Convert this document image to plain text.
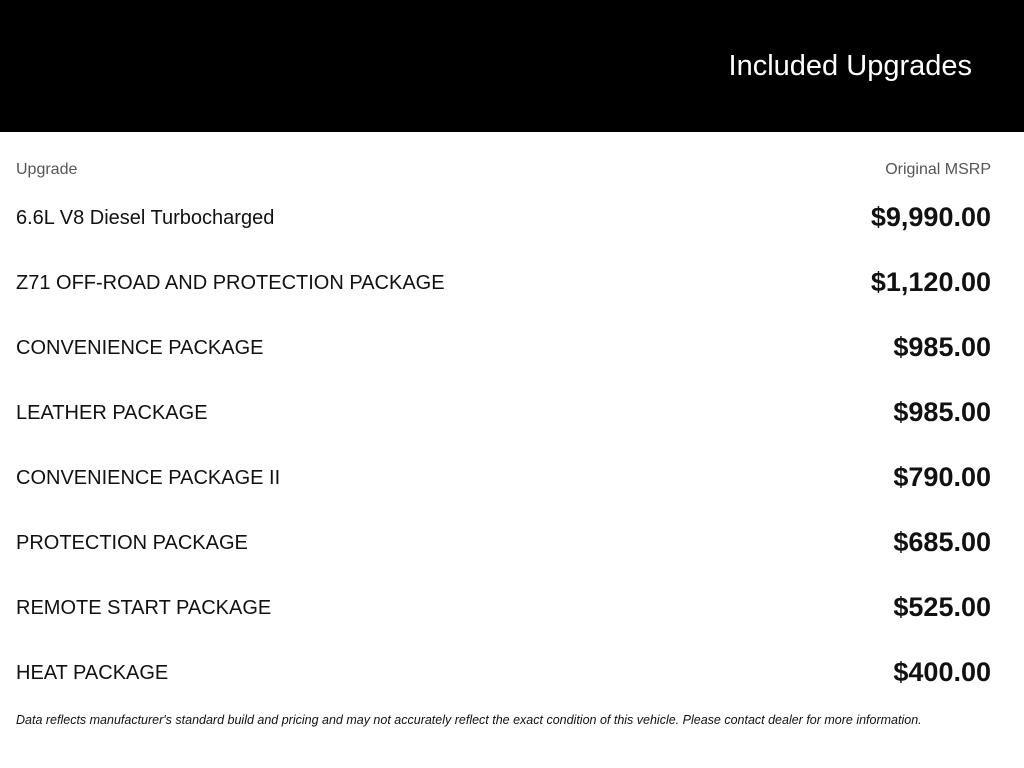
Included Upgrades
Upgrade	Original MSRP
6.6L V8 Diesel Turbocharged	$9,990.00
Z71 OFF-ROAD AND PROTECTION PACKAGE	$1,120.00
CONVENIENCE PACKAGE	$985.00
LEATHER PACKAGE	$985.00
CONVENIENCE PACKAGE II	$790.00
PROTECTION PACKAGE	$685.00
REMOTE START PACKAGE	$525.00
HEAT PACKAGE	$400.00
Data reflects manufacturer's standard build and pricing and may not accurately reflect the exact condition of this vehicle. Please contact dealer for more information.
